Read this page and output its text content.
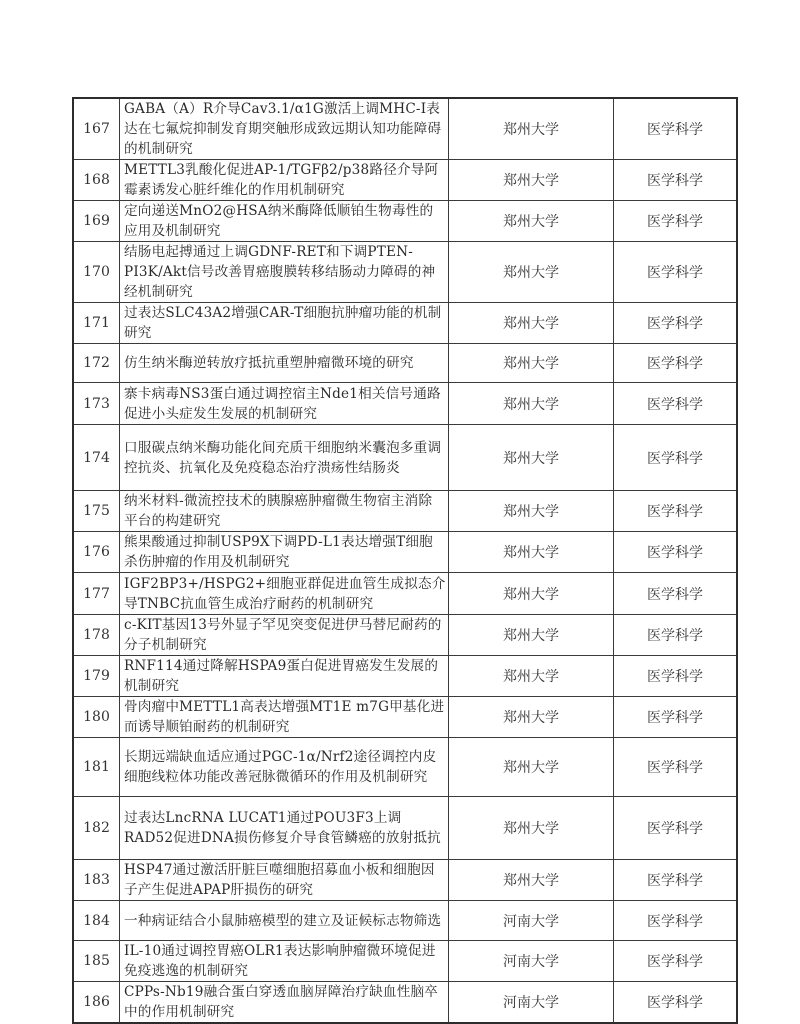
167	GABA（A）R介导Cav3.1/α1G激活上调MHC-Ⅰ表达在七氟烷抑制发育期突触形成致远期认知功能障碍的机制研究	郑州大学	医学科学
168	METTL3乳酸化促进AP-1/TGFβ2/p38路径介导阿霉素诱发心脏纤维化的作用机制研究	郑州大学	医学科学
169	定向递送MnO2@HSA纳米酶降低顺铂生物毒性的应用及机制研究	郑州大学	医学科学
170	结肠电起搏通过上调GDNF-RET和下调PTEN-PI3K/Akt信号改善胃癌腹膜转移结肠动力障碍的神经机制研究	郑州大学	医学科学
171	过表达SLC43A2增强CAR-T细胞抗肿瘤功能的机制研究	郑州大学	医学科学
172	仿生纳米酶逆转放疗抵抗重塑肿瘤微环境的研究	郑州大学	医学科学
173	寨卡病毒NS3蛋白通过调控宿主Nde1相关信号通路促进小头症发生发展的机制研究	郑州大学	医学科学
174	口服碳点纳米酶功能化间充质干细胞纳米囊泡多重调控抗炎、抗氧化及免疫稳态治疗溃疡性结肠炎	郑州大学	医学科学
175	纳米材料-微流控技术的胰腺癌肿瘤微生物宿主消除平台的构建研究	郑州大学	医学科学
176	熊果酸通过抑制USP9X下调PD-L1表达增强T细胞杀伤肿瘤的作用及机制研究	郑州大学	医学科学
177	IGF2BP3+/HSPG2+细胞亚群促进血管生成拟态介导TNBC抗血管生成治疗耐药的机制研究	郑州大学	医学科学
178	c-KIT基因13号外显子罕见突变促进伊马替尼耐药的分子机制研究	郑州大学	医学科学
179	RNF114通过降解HSPA9蛋白促进胃癌发生发展的机制研究	郑州大学	医学科学
180	骨肉瘤中METTL1高表达增强MT1E m7G甲基化进而诱导顺铂耐药的机制研究	郑州大学	医学科学
181	长期远端缺血适应通过PGC-1α/Nrf2途径调控内皮细胞线粒体功能改善冠脉微循环的作用及机制研究	郑州大学	医学科学
182	过表达LncRNA LUCAT1通过POU3F3上调RAD52促进DNA损伤修复介导食管鳞癌的放射抵抗	郑州大学	医学科学
183	HSP47通过激活肝脏巨噬细胞招募血小板和细胞因子产生促进APAP肝损伤的研究	郑州大学	医学科学
184	一种病证结合小鼠肺癌模型的建立及证候标志物筛选	河南大学	医学科学
185	IL-10通过调控胃癌OLR1表达影响肿瘤微环境促进免疫逃逸的机制研究	河南大学	医学科学
186	CPPs-Nb19融合蛋白穿透血脑屏障治疗缺血性脑卒中的作用机制研究	河南大学	医学科学
